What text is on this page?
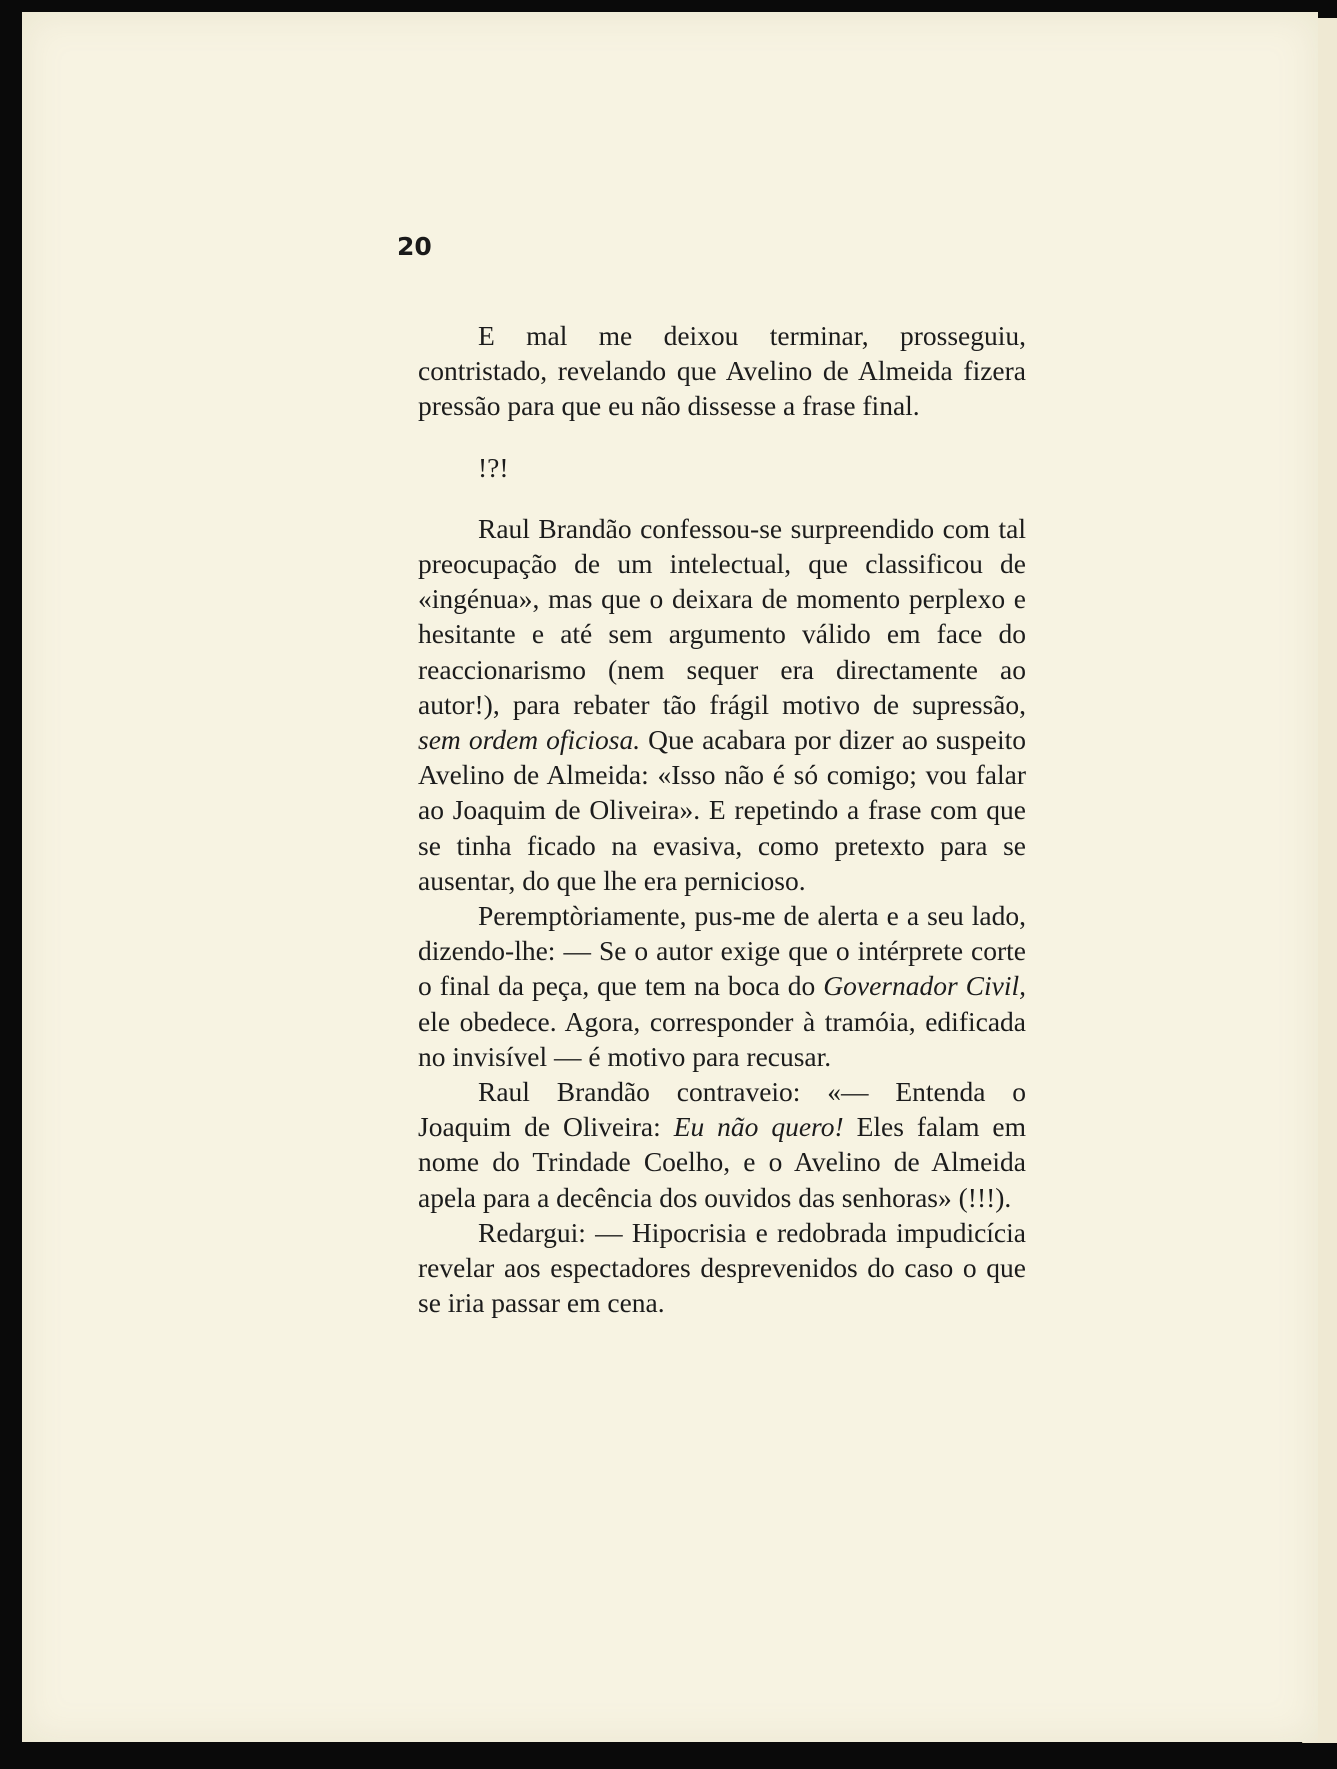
20

E mal me deixou terminar, prosseguiu, contristado, revelando que Avelino de Almeida fizera pressão para que eu não dissesse a frase final.

!?!

Raul Brandão confessou-se surpreendido com tal preocupação de um intelectual, que classificou de «ingénua», mas que o deixara de momento perplexo e hesitante e até sem argumento válido em face do reaccionarismo (nem sequer era directamente ao autor!), para rebater tão frágil motivo de supressão, sem ordem oficiosa. Que acabara por dizer ao suspeito Avelino de Almeida: «Isso não é só comigo; vou falar ao Joaquim de Oliveira». E repetindo a frase com que se tinha ficado na evasiva, como pretexto para se ausentar, do que lhe era pernicioso.

Peremptòriamente, pus-me de alerta e a seu lado, dizendo-lhe: — Se o autor exige que o intérprete corte o final da peça, que tem na boca do Governador Civil, ele obedece. Agora, corresponder à tramóia, edificada no invisível — é motivo para recusar.

Raul Brandão contraveio: «— Entenda o Joaquim de Oliveira: Eu não quero! Eles falam em nome do Trindade Coelho, e o Avelino de Almeida apela para a decência dos ouvidos das senhoras» (!!!).

Redargui: — Hipocrisia e redobrada impudicícia revelar aos espectadores desprevenidos do caso o que se iria passar em cena.
